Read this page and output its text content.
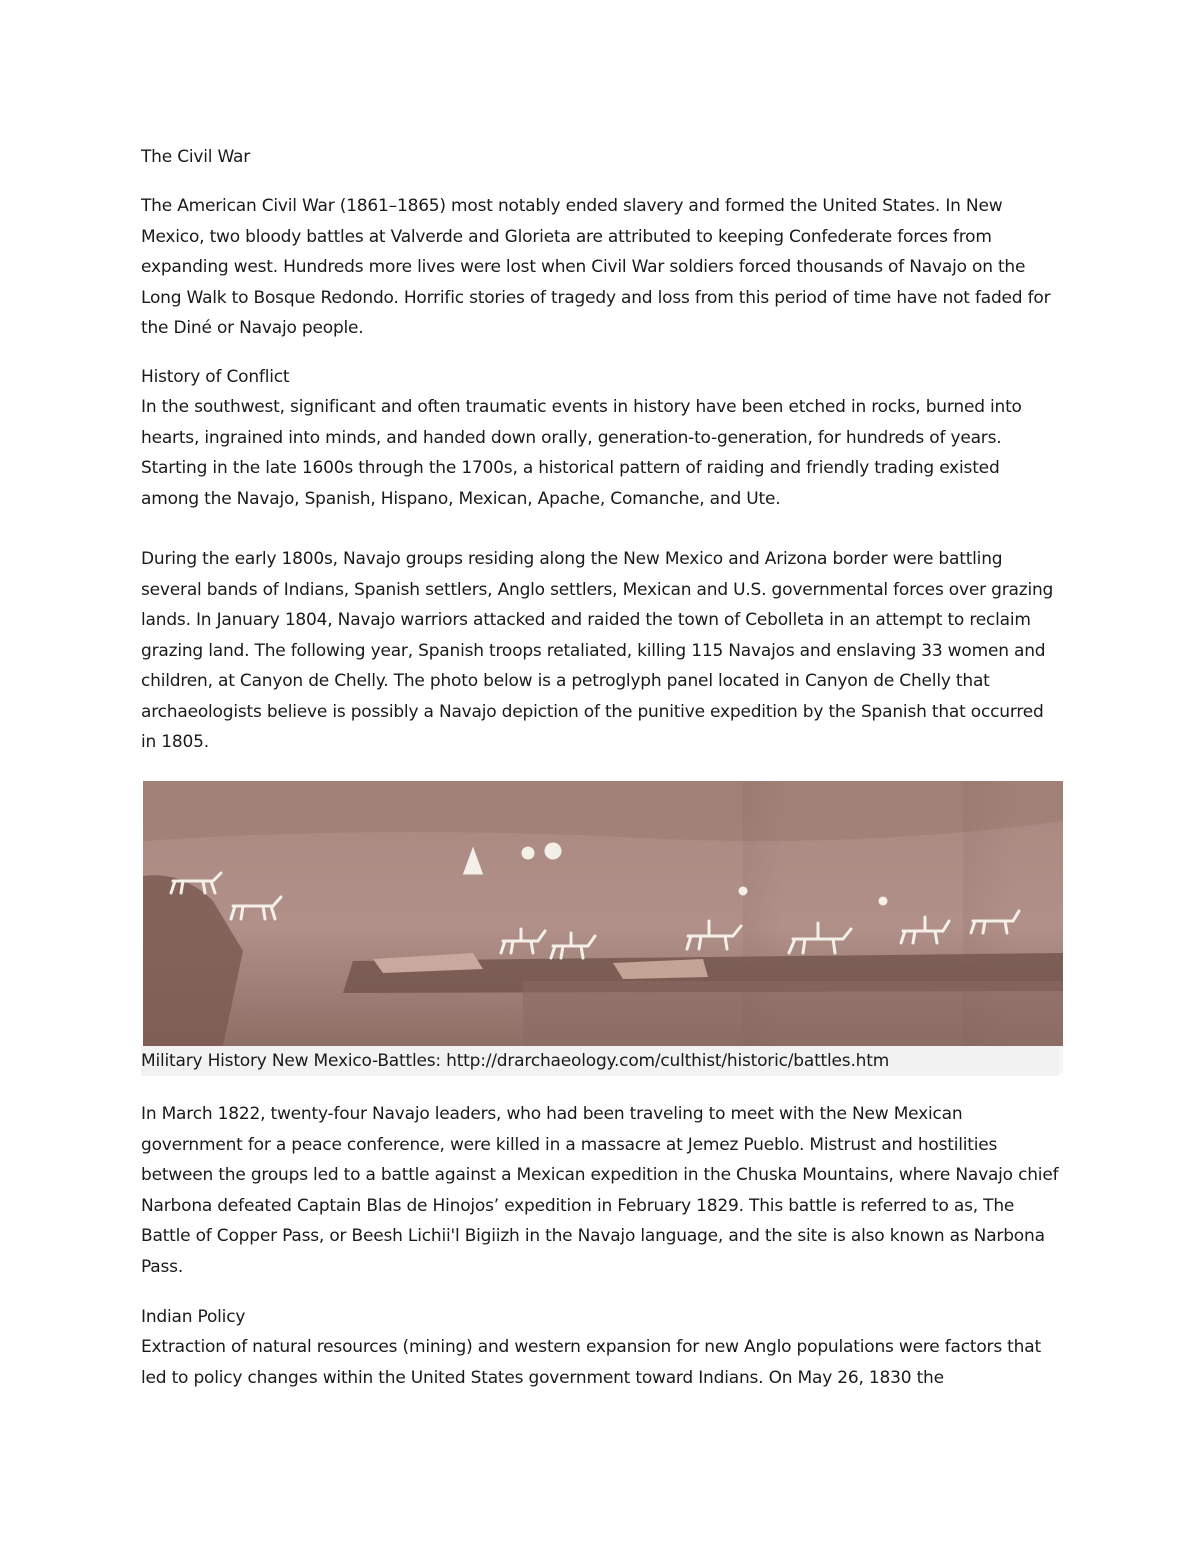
The Civil War
The American Civil War (1861–1865) most notably ended slavery and formed the United States. In New Mexico, two bloody battles at Valverde and Glorieta are attributed to keeping Confederate forces from expanding west. Hundreds more lives were lost when Civil War soldiers forced thousands of Navajo on the Long Walk to Bosque Redondo. Horrific stories of tragedy and loss from this period of time have not faded for the Diné or Navajo people.
History of Conflict
In the southwest, significant and often traumatic events in history have been etched in rocks, burned into hearts, ingrained into minds, and handed down orally, generation-to-generation, for hundreds of years. Starting in the late 1600s through the 1700s, a historical pattern of raiding and friendly trading existed among the Navajo, Spanish, Hispano, Mexican, Apache, Comanche, and Ute.
During the early 1800s, Navajo groups residing along the New Mexico and Arizona border were battling several bands of Indians, Spanish settlers, Anglo settlers, Mexican and U.S. governmental forces over grazing lands. In January 1804, Navajo warriors attacked and raided the town of Cebolleta in an attempt to reclaim grazing land. The following year, Spanish troops retaliated, killing 115 Navajos and enslaving 33 women and children, at Canyon de Chelly. The photo below is a petroglyph panel located in Canyon de Chelly that archaeologists believe is possibly a Navajo depiction of the punitive expedition by the Spanish that occurred in 1805.
Military History New Mexico-Battles: http://drarchaeology.com/culthist/historic/battles.htm
In March 1822, twenty-four Navajo leaders, who had been traveling to meet with the New Mexican government for a peace conference, were killed in a massacre at Jemez Pueblo. Mistrust and hostilities between the groups led to a battle against a Mexican expedition in the Chuska Mountains, where Navajo chief Narbona defeated Captain Blas de Hinojos’ expedition in February 1829. This battle is referred to as, The Battle of Copper Pass, or Beesh Lichii'l Bigiizh in the Navajo language, and the site is also known as Narbona Pass.
Indian Policy
Extraction of natural resources (mining) and western expansion for new Anglo populations were factors that led to policy changes within the United States government toward Indians. On May 26, 1830 the
